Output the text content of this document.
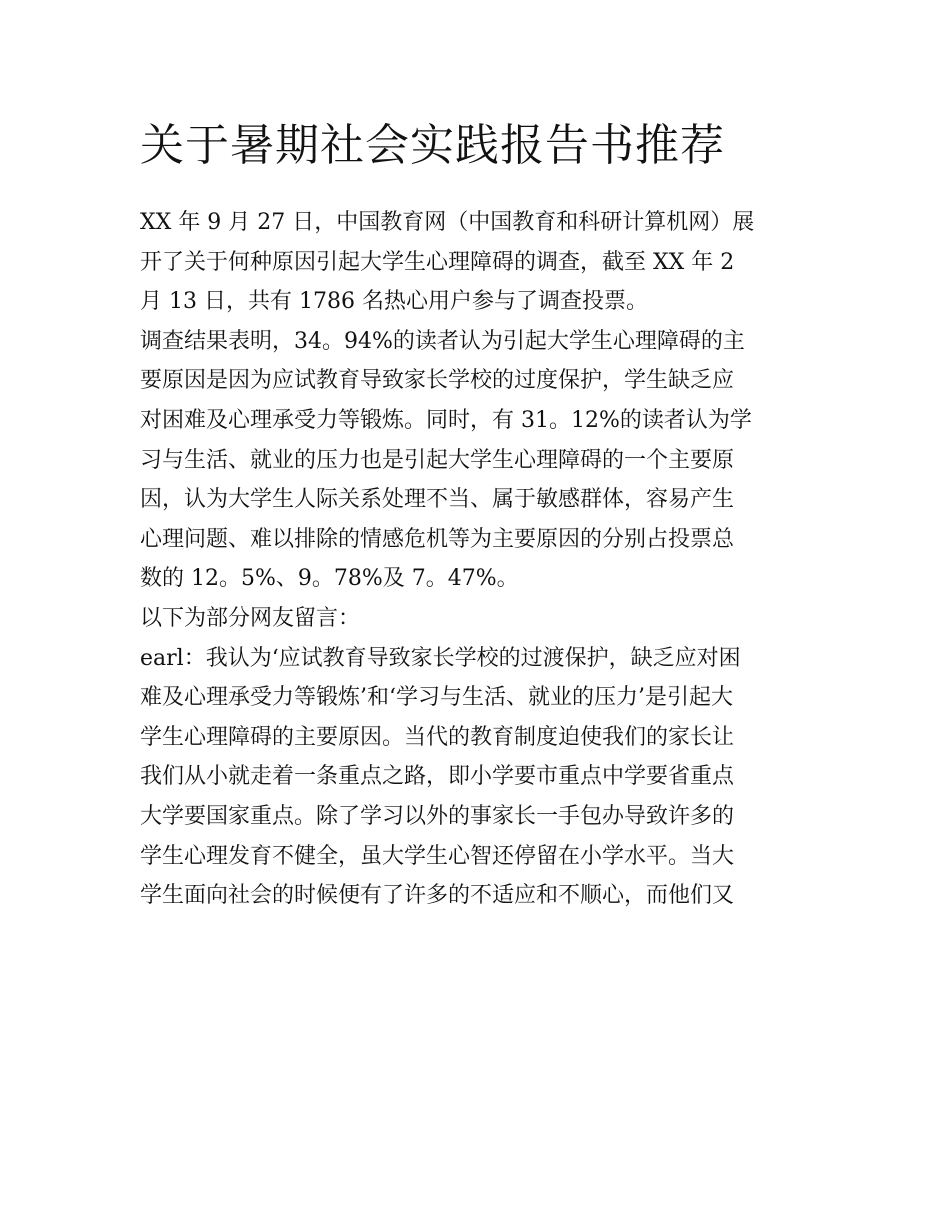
关于暑期社会实践报告书推荐
XX 年 9 月 27 日，中国教育网（中国教育和科研计算机网）展
开了关于何种原因引起大学生心理障碍的调查，截至 XX 年 2
月 13 日，共有 1786 名热心用户参与了调查投票。
调查结果表明，34。94%的读者认为引起大学生心理障碍的主
要原因是因为应试教育导致家长学校的过度保护，学生缺乏应
对困难及心理承受力等锻炼。同时，有 31。12%的读者认为学
习与生活、就业的压力也是引起大学生心理障碍的一个主要原
因，认为大学生人际关系处理不当、属于敏感群体，容易产生
心理问题、难以排除的情感危机等为主要原因的分别占投票总
数的 12。5%、9。78%及 7。47%。
以下为部分网友留言：
earl：我认为‘应试教育导致家长学校的过渡保护，缺乏应对困
难及心理承受力等锻炼’和‘学习与生活、就业的压力’是引起大
学生心理障碍的主要原因。当代的教育制度迫使我们的家长让
我们从小就走着一条重点之路，即小学要市重点中学要省重点
大学要国家重点。除了学习以外的事家长一手包办导致许多的
学生心理发育不健全，虽大学生心智还停留在小学水平。当大
学生面向社会的时候便有了许多的不适应和不顺心，而他们又
